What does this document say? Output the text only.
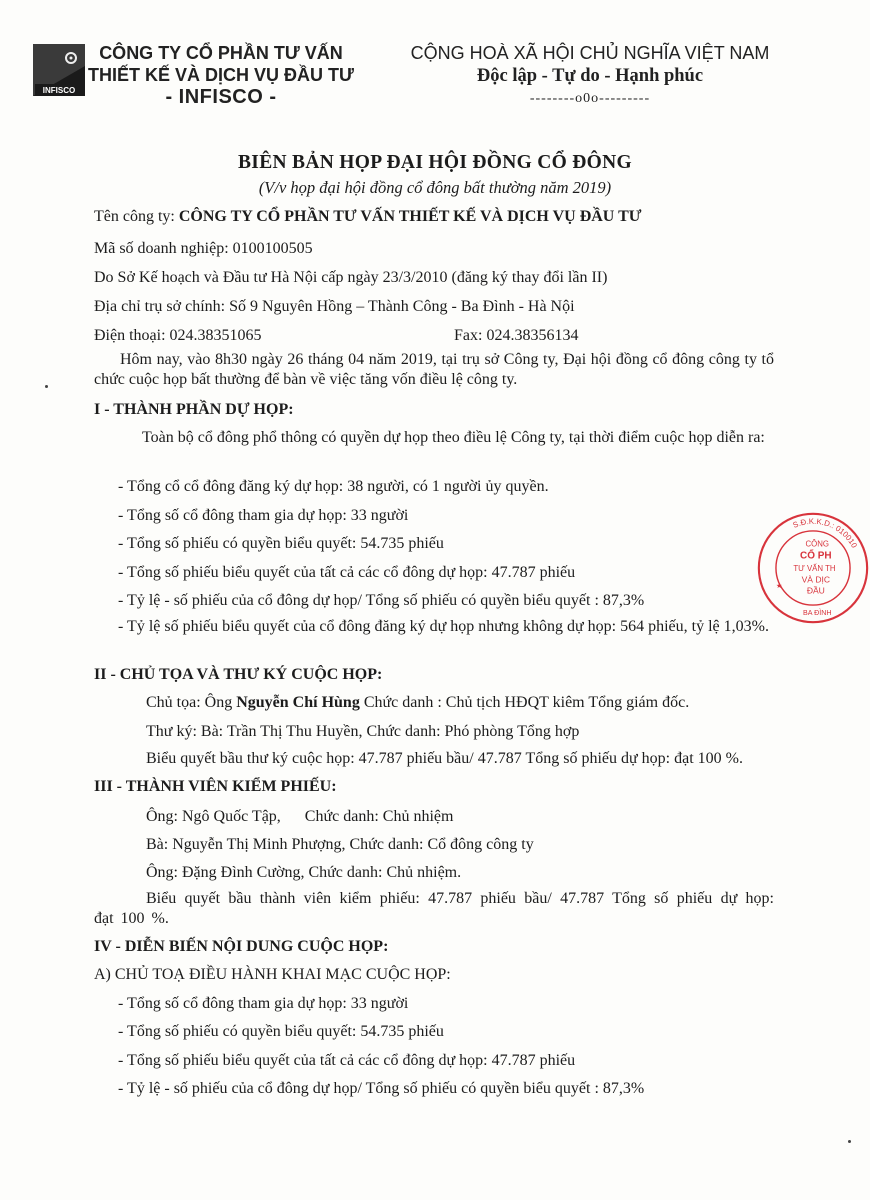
INFISCO
CÔNG TY CỔ PHẦN TƯ VẤN
THIẾT KẾ VÀ DỊCH VỤ ĐẦU TƯ
- INFISCO -
CỘNG HOÀ XÃ HỘI CHỦ NGHĨA VIỆT NAM
Độc lập - Tự do - Hạnh phúc
--------o0o---------
BIÊN BẢN HỌP ĐẠI HỘI ĐỒNG CỔ ĐÔNG
(V/v họp đại hội đồng cổ đông bất thường năm 2019)
Tên công ty: CÔNG TY CỔ PHẦN TƯ VẤN THIẾT KẾ VÀ DỊCH VỤ ĐẦU TƯ
Mã số doanh nghiệp: 0100100505
Do Sở Kế hoạch và Đầu tư Hà Nội cấp ngày 23/3/2010 (đăng ký thay đổi lần II)
Địa chỉ trụ sở chính: Số 9 Nguyên Hồng – Thành Công - Ba Đình - Hà Nội
Điện thoại: 024.38351065	Fax: 024.38356134
Hôm nay, vào 8h30 ngày 26 tháng 04 năm 2019, tại trụ sở Công ty, Đại hội đồng cổ đông công ty tổ chức cuộc họp bất thường để bàn về việc tăng vốn điều lệ công ty.
I - THÀNH PHẦN DỰ HỌP:
Toàn bộ cổ đông phổ thông có quyền dự họp theo điều lệ Công ty, tại thời điểm cuộc họp diễn ra:
- Tổng cổ cổ đông đăng ký dự họp: 38 người, có 1 người ủy quyền.
- Tổng số cổ đông tham gia dự họp: 33 người
- Tổng số phiếu có quyền biểu quyết: 54.735 phiếu
- Tổng số phiếu biểu quyết của tất cả các cổ đông dự họp: 47.787 phiếu
- Tỷ lệ - số phiếu của cổ đông dự họp/ Tổng số phiếu có quyền biểu quyết : 87,3%
- Tỷ lệ số phiếu biểu quyết của cổ đông đăng ký dự họp nhưng không dự họp: 564 phiếu, tỷ lệ 1,03%.
II - CHỦ TỌA VÀ THƯ KÝ CUỘC HỌP:
Chủ tọa: Ông Nguyễn Chí Hùng Chức danh : Chủ tịch HĐQT kiêm Tổng giám đốc.
Thư ký: Bà: Trần Thị Thu Huyền, Chức danh: Phó phòng Tổng hợp
Biểu quyết bầu thư ký cuộc họp: 47.787 phiếu bầu/ 47.787 Tổng số phiếu dự họp: đạt 100 %.
III - THÀNH VIÊN KIỂM PHIẾU:
Ông: Ngô Quốc Tập,      Chức danh: Chủ nhiệm
Bà: Nguyễn Thị Minh Phượng, Chức danh: Cổ đông công ty
Ông: Đặng Đình Cường, Chức danh: Chủ nhiệm.
Biểu quyết bầu thành viên kiểm phiếu: 47.787 phiếu bầu/ 47.787 Tổng số phiếu dự họp: đạt 100 %.
IV - DIỄN BIẾN NỘI DUNG CUỘC HỌP:
A) CHỦ TOẠ ĐIỀU HÀNH KHAI MẠC CUỘC HỌP:
- Tổng số cổ đông tham gia dự họp: 33 người
- Tổng số phiếu có quyền biểu quyết: 54.735 phiếu
- Tổng số phiếu biểu quyết của tất cả các cổ đông dự họp: 47.787 phiếu
- Tỷ lệ - số phiếu của cổ đông dự họp/ Tổng số phiếu có quyền biểu quyết : 87,3%
S.Đ.K.K.D.: 010010
CÔNG
CỔ PH
TƯ VẤN TH
VÀ DỊC
ĐẦU
BA ĐÌNH
★
